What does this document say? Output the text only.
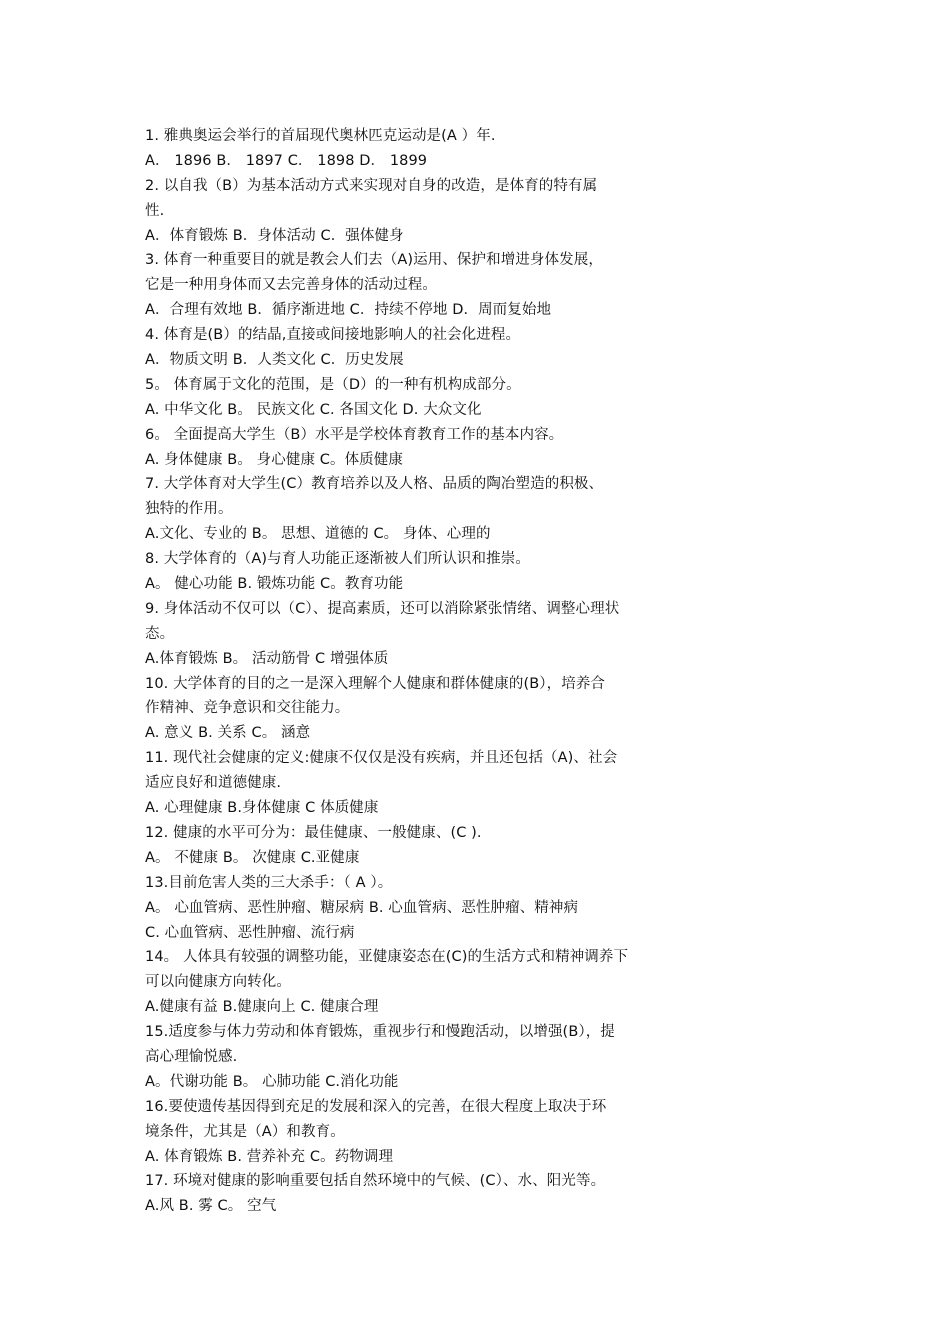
1. 雅典奥运会举行的首届现代奥林匹克运动是(A ）年.
A． 1896 B． 1897 C． 1898 D． 1899
2. 以自我（B）为基本活动方式来实现对自身的改造，是体育的特有属
性.
A．体育锻炼 B．身体活动 C．强体健身
3. 体育一种重要目的就是教会人们去（A)运用、保护和增进身体发展，
它是一种用身体而又去完善身体的活动过程。
A．合理有效地 B．循序渐进地 C．持续不停地 D．周而复始地
4. 体育是(B）的结晶,直接或间接地影响人的社会化进程。
A．物质文明 B．人类文化 C．历史发展
5。 体育属于文化的范围，是（D）的一种有机构成部分。
A. 中华文化 B。 民族文化 C. 各国文化 D. 大众文化
6。 全面提高大学生（B）水平是学校体育教育工作的基本内容。
A. 身体健康 B。 身心健康 C。体质健康
7. 大学体育对大学生(C）教育培养以及人格、品质的陶冶塑造的积极、
独特的作用。
A.文化、专业的 B。 思想、道德的 C。 身体、心理的
8. 大学体育的（A)与育人功能正逐渐被人们所认识和推崇。
A。 健心功能 B. 锻炼功能 C。教育功能
9. 身体活动不仅可以（C）、提高素质，还可以消除紧张情绪、调整心理状
态。
A.体育锻炼 B。 活动筋骨 C 增强体质
10. 大学体育的目的之一是深入理解个人健康和群体健康的(B），培养合
作精神、竞争意识和交往能力。
A. 意义 B. 关系 C。 涵意
11. 现代社会健康的定义:健康不仅仅是没有疾病，并且还包括（A)、社会
适应良好和道德健康.
A. 心理健康 B.身体健康 C 体质健康
12. 健康的水平可分为：最佳健康、一般健康、(C ).
A。 不健康 B。 次健康 C.亚健康
13.目前危害人类的三大杀手：（ A ）。
A。 心血管病、恶性肿瘤、糖尿病 B. 心血管病、恶性肿瘤、精神病
C. 心血管病、恶性肿瘤、流行病
14。 人体具有较强的调整功能，亚健康姿态在(C)的生活方式和精神调养下
可以向健康方向转化。
A.健康有益 B.健康向上 C. 健康合理
15.适度参与体力劳动和体育锻炼，重视步行和慢跑活动，以增强(B），提
高心理愉悦感.
A。代谢功能 B。 心肺功能 C.消化功能
16.要使遗传基因得到充足的发展和深入的完善，在很大程度上取决于环
境条件，尤其是（A）和教育。
A. 体育锻炼 B. 营养补充 C。药物调理
17. 环境对健康的影响重要包括自然环境中的气候、(C）、水、阳光等。
A.风 B. 雾 C。 空气
